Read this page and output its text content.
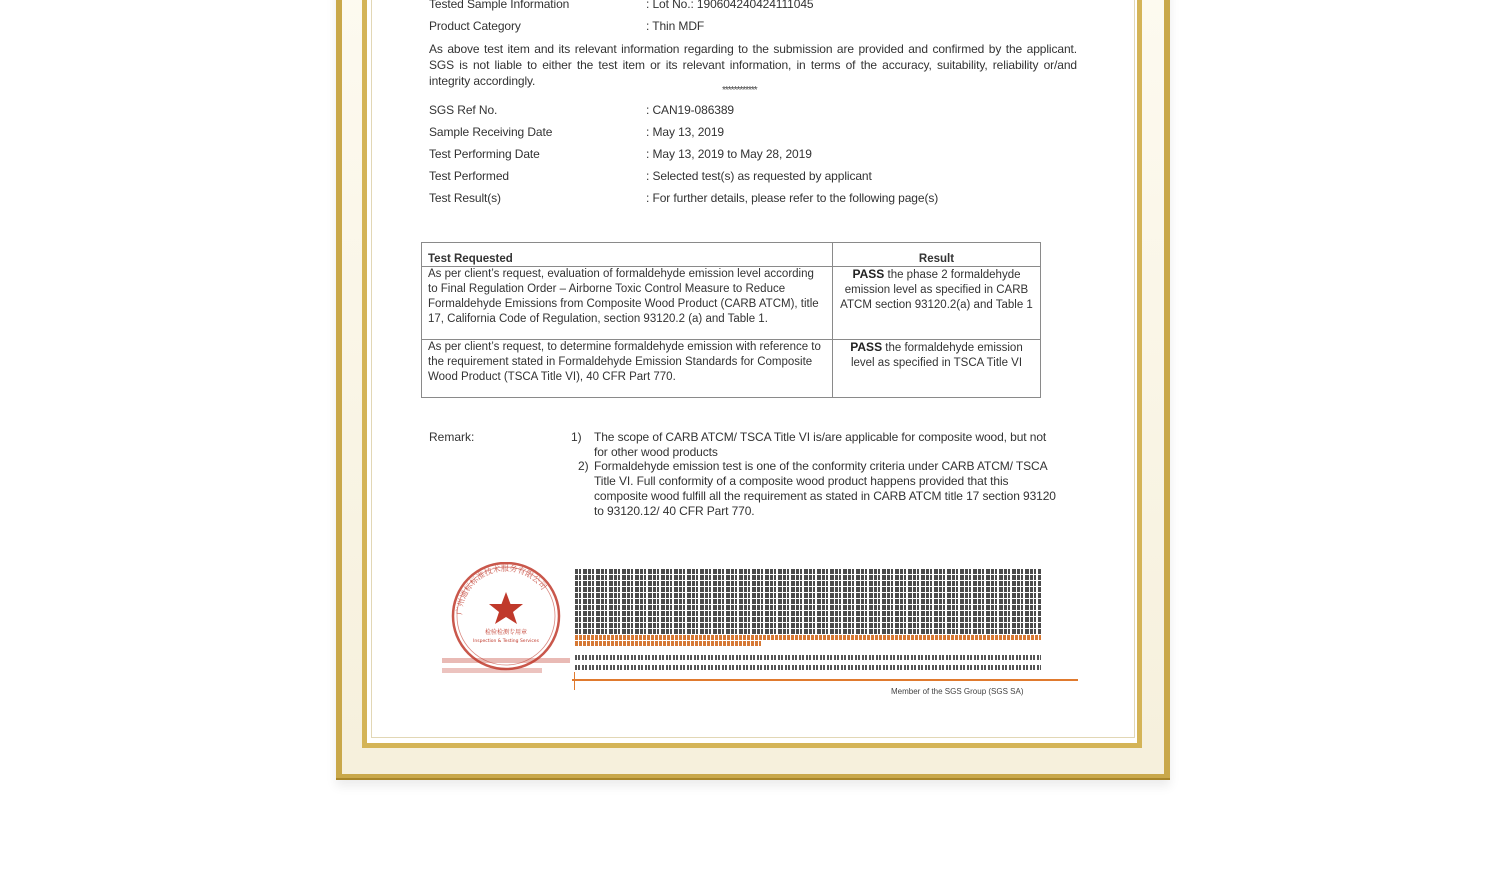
Tested Sample Information	: Lot No.: 190604240424111045
Product Category	: Thin MDF
As above test item and its relevant information regarding to the submission are provided and confirmed by the applicant. SGS is not liable to either the test item or its relevant information, in terms of the accuracy, suitability, reliability or/and integrity accordingly.
************
SGS Ref No.	: CAN19-086389
Sample Receiving Date	: May 13, 2019
Test Performing Date	: May 13, 2019 to May 28, 2019
Test Performed	: Selected test(s) as requested by applicant
Test Result(s)	: For further details, please refer to the following page(s)
Test Requested	Result
As per client’s request, evaluation of formaldehyde emission level according to Final Regulation Order – Airborne Toxic Control Measure to Reduce Formaldehyde Emissions from Composite Wood Product (CARB ATCM), title 17, California Code of Regulation, section 93120.2 (a) and Table 1.	PASS the phase 2 formaldehyde emission level as specified in CARB ATCM section 93120.2(a) and Table 1
As per client’s request, to determine formaldehyde emission with reference to the requirement stated in Formaldehyde Emission Standards for Composite Wood Product (TSCA Title VI), 40 CFR Part 770.	PASS the formaldehyde emission level as specified in TSCA Title VI
Remark:	1)	The scope of CARB ATCM/ TSCA Title VI is/are applicable for composite wood, but not for other wood products
2) Formaldehyde emission test is one of the conformity criteria under CARB ATCM/ TSCA Title VI. Full conformity of a composite wood product happens provided that this composite wood fulfill all the requirement as stated in CARB ATCM title 17 section 93120 to 93120.12/ 40 CFR Part 770.
广州通标标准技术服务有限公司
检验检测专用章
Inspection & Testing Services
Member of the SGS Group (SGS SA)
